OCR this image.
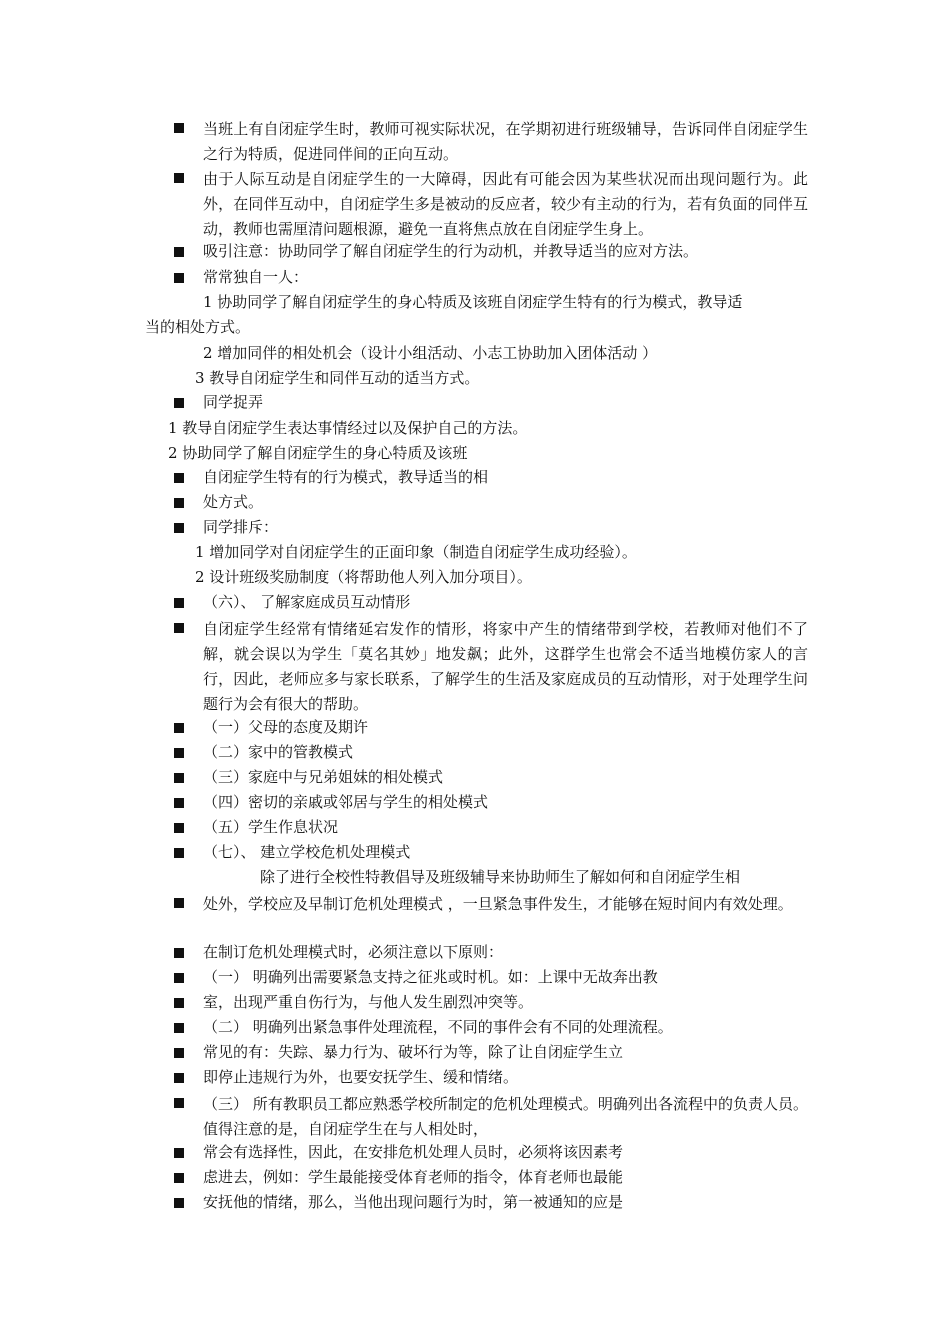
当班上有自闭症学生时，教师可视实际状况，在学期初进行班级辅导，告诉同伴自闭症学生之行为特质，促进同伴间的正向互动。
由于人际互动是自闭症学生的一大障碍，因此有可能会因为某些状况而出现问题行为。此外，在同伴互动中，自闭症学生多是被动的反应者，较少有主动的行为，若有负面的同伴互动，教师也需厘清问题根源，避免一直将焦点放在自闭症学生身上。
吸引注意：协助同学了解自闭症学生的行为动机，并教导适当的应对方法。
常常独自一人：
1 协助同学了解自闭症学生的身心特质及该班自闭症学生特有的行为模式，教导适
当的相处方式。
2 增加同伴的相处机会（设计小组活动、小志工协助加入团体活动 ）
3 教导自闭症学生和同伴互动的适当方式。
同学捉弄
1 教导自闭症学生表达事情经过以及保护自己的方法。
2 协助同学了解自闭症学生的身心特质及该班
自闭症学生特有的行为模式，教导适当的相
处方式。
同学排斥：
1 增加同学对自闭症学生的正面印象（制造自闭症学生成功经验）。
2 设计班级奖励制度（将帮助他人列入加分项目）。
（六）、 了解家庭成员互动情形
自闭症学生经常有情绪延宕发作的情形，将家中产生的情绪带到学校，若教师对他们不了解，就会误以为学生「莫名其妙」地发飙；此外，这群学生也常会不适当地模仿家人的言行，因此，老师应多与家长联系，了解学生的生活及家庭成员的互动情形，对于处理学生问题行为会有很大的帮助。
（一）父母的态度及期许
（二）家中的管教模式
（三）家庭中与兄弟姐妹的相处模式
（四）密切的亲戚或邻居与学生的相处模式
（五）学生作息状况
（七）、 建立学校危机处理模式
除了进行全校性特教倡导及班级辅导来协助师生了解如何和自闭症学生相
处外，学校应及早制订危机处理模式 ，一旦紧急事件发生，才能够在短时间内有效处理。
在制订危机处理模式时，必须注意以下原则：
（一） 明确列出需要紧急支持之征兆或时机。如：上课中无故奔出教
室，出现严重自伤行为，与他人发生剧烈冲突等。
（二） 明确列出紧急事件处理流程，不同的事件会有不同的处理流程。
常见的有：失踪、暴力行为、破坏行为等，除了让自闭症学生立
即停止违规行为外，也要安抚学生、缓和情绪。
（三） 所有教职员工都应熟悉学校所制定的危机处理模式。明确列出各流程中的负责人员。值得注意的是，自闭症学生在与人相处时，
常会有选择性，因此，在安排危机处理人员时，必须将该因素考
虑进去，例如：学生最能接受体育老师的指令，体育老师也最能
安抚他的情绪，那么，当他出现问题行为时，第一被通知的应是
